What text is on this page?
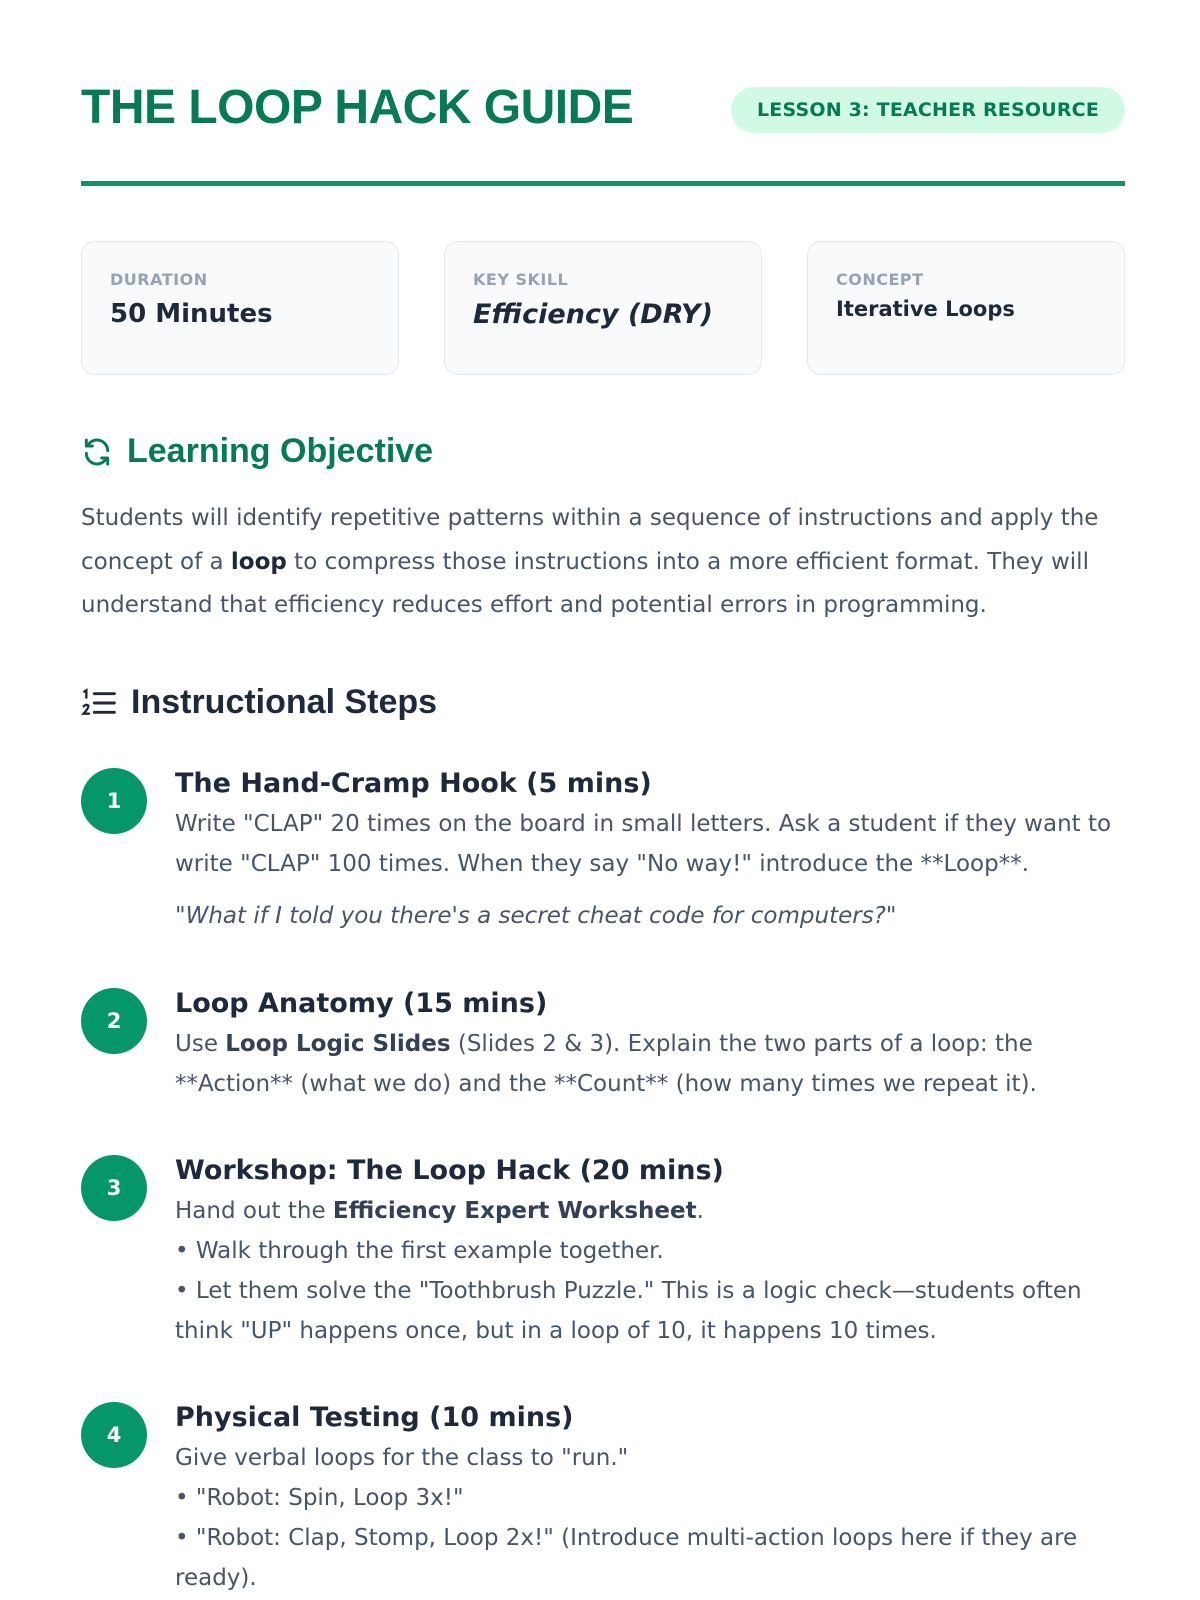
THE LOOP HACK GUIDE	LESSON 3: TEACHER RESOURCE
DURATION
50 Minutes
KEY SKILL
Efficiency (DRY)
CONCEPT
Iterative Loops
Learning Objective

Students will identify repetitive patterns within a sequence of instructions and apply the concept of a loop to compress those instructions into a more efficient format. They will understand that efficiency reduces effort and potential errors in programming.

Instructional Steps
1
The Hand-Cramp Hook (5 mins)

Write "CLAP" 20 times on the board in small letters. Ask a student if they want to write "CLAP" 100 times. When they say "No way!" introduce the **Loop**.

"What if I told you there's a secret cheat code for computers?"

2
Loop Anatomy (15 mins)

Use Loop Logic Slides (Slides 2 & 3). Explain the two parts of a loop: the **Action** (what we do) and the **Count** (how many times we repeat it).

3
Workshop: The Loop Hack (20 mins)

Hand out the Efficiency Expert Worksheet.

• Walk through the first example together.

• Let them solve the "Toothbrush Puzzle." This is a logic check—students often think "UP" happens once, but in a loop of 10, it happens 10 times.

4
Physical Testing (10 mins)

Give verbal loops for the class to "run."

• "Robot: Spin, Loop 3x!"

• "Robot: Clap, Stomp, Loop 2x!" (Introduce multi-action loops here if they are ready).
